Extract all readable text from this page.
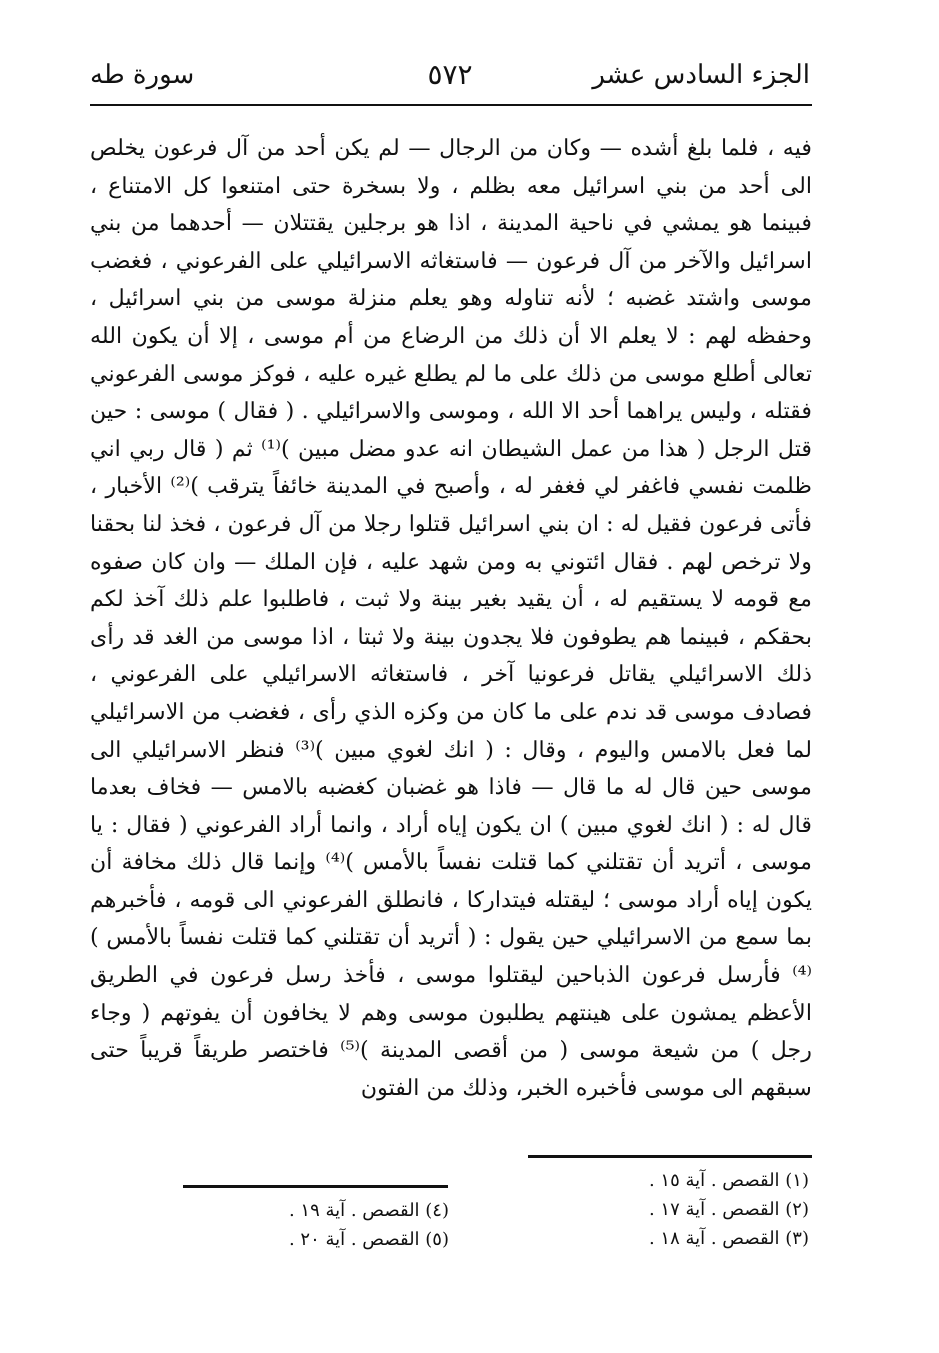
الجزء السادس عشر
٥٧٢
سورة طه
فيه ، فلما بلغ أشده — وكان من الرجال — لم يكن أحد من آل فرعون يخلص الى أحد من بني اسرائيل معه بظلم ، ولا بسخرة حتى امتنعوا كل الامتناع ، فبينما هو يمشي في ناحية المدينة ، اذا هو برجلين يقتتلان — أحدهما من بني اسرائيل والآخر من آل فرعون — فاستغاثه الاسرائيلي على الفرعوني ، فغضب موسى واشتد غضبه ؛ لأنه تناوله وهو يعلم منزلة موسى من بني اسرائيل ، وحفظه لهم : لا يعلم الا أن ذلك من الرضاع من أم موسى ، إلا أن يكون الله تعالى أطلع موسى من ذلك على ما لم يطلع غيره عليه ، فوكز موسى الفرعوني فقتله ، وليس يراهما أحد الا الله ، وموسى والاسرائيلي . ( فقال ) موسى : حين قتل الرجل ( هذا من عمل الشيطان انه عدو مضل مبين )⁽¹⁾ ثم ( قال ربي اني ظلمت نفسي فاغفر لي فغفر له ، وأصبح في المدينة خائفاً يترقب )⁽²⁾ الأخبار ، فأتى فرعون فقيل له : ان بني اسرائيل قتلوا رجلا من آل فرعون ، فخذ لنا بحقنا ولا ترخص لهم . فقال ائتوني به ومن شهد عليه ، فإن الملك — وان كان صفوه مع قومه لا يستقيم له ، أن يقيد بغير بينة ولا ثبت ، فاطلبوا علم ذلك آخذ لكم بحقكم ، فبينما هم يطوفون فلا يجدون بينة ولا ثبتا ، اذا موسى من الغد قد رأى ذلك الاسرائيلي يقاتل فرعونيا آخر ، فاستغاثه الاسرائيلي على الفرعوني ، فصادف موسى قد ندم على ما كان من وكزه الذي رأى ، فغضب من الاسرائيلي لما فعل بالامس واليوم ، وقال : ( انك لغوي مبين )⁽³⁾ فنظر الاسرائيلي الى موسى حين قال له ما قال — فاذا هو غضبان كغضبه بالامس — فخاف بعدما قال له : ( انك لغوي مبين ) ان يكون إياه أراد ، وانما أراد الفرعوني ( فقال : يا موسى ، أتريد أن تقتلني كما قتلت نفساً بالأمس )⁽⁴⁾ وإنما قال ذلك مخافة أن يكون إياه أراد موسى ؛ ليقتله فيتداركا ، فانطلق الفرعوني الى قومه ، فأخبرهم بما سمع من الاسرائيلي حين يقول : ( أتريد أن تقتلني كما قتلت نفساً بالأمس )⁽⁴⁾ فأرسل فرعون الذباحين ليقتلوا موسى ، فأخذ رسل فرعون في الطريق الأعظم يمشون على هينتهم يطلبون موسى وهم لا يخافون أن يفوتهم ( وجاء رجل ) من شيعة موسى ( من أقصى المدينة )⁽⁵⁾ فاختصر طريقاً قريباً حتى سبقهم الى موسى فأخبره الخبر، وذلك من الفتون
(١) القصص . آية ١٥ .
(٢) القصص . آية ١٧ .
(٣) القصص . آية ١٨ .
(٤) القصص . آية ١٩ .
(٥) القصص . آية ٢٠ .
